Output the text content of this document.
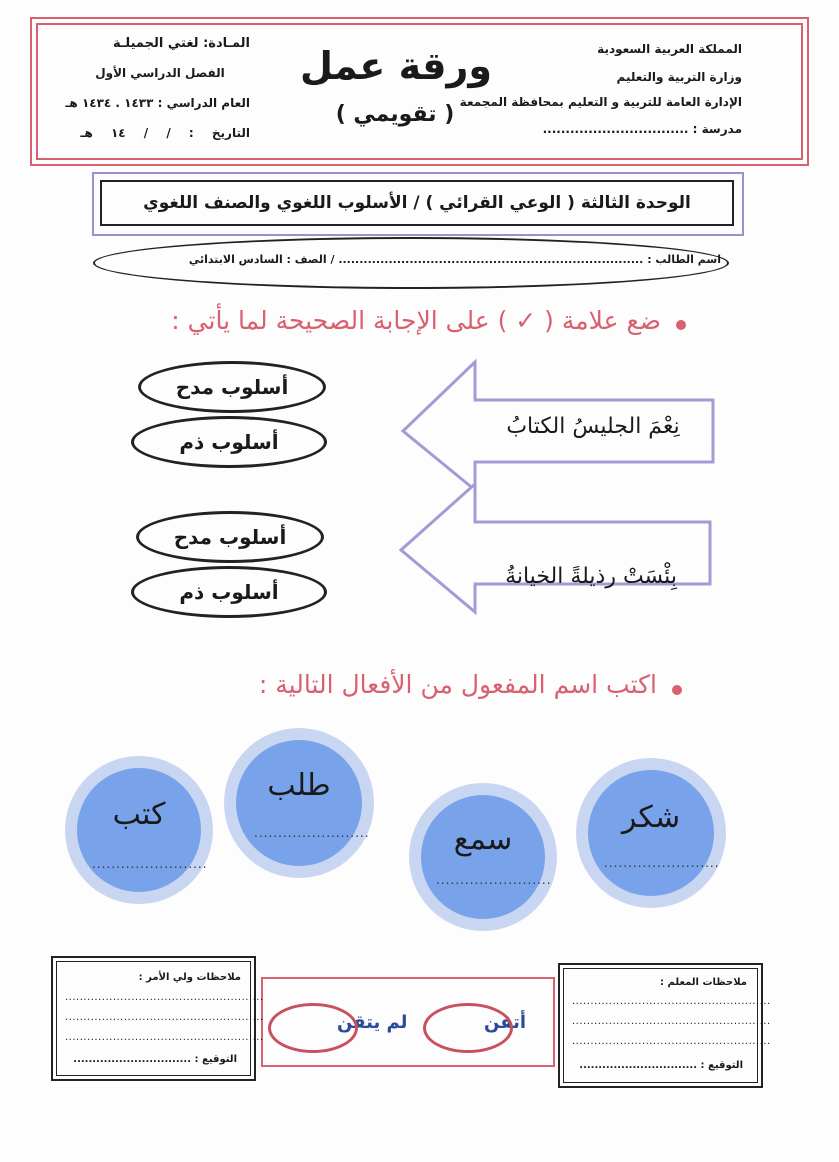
المملكة العربية السعودية
وزارة التربية والتعليم
الإدارة العامة للتربية و التعليم بمحافظة المجمعة
مدرسة : ................................
ورقة عمل
( تقويمي )
المـادة: لغتي الجميلـة
الفصل الدراسي الأول
العام الدراسي : ١٤٣٣ . ١٤٣٤ هـ
التاريخ : / / ١٤ هـ
الوحدة الثالثة ( الوعي القرائي ) / الأسلوب اللغوي والصنف اللغوي
اسم الطالب : ......................................................................... / الصف : السادس الابتدائي
ضع علامة ( ✓ ) على الإجابة الصحيحة لما يأتي :
نِعْمَ الجليسُ الكتابُ
بِئْسَتْ رذيلةً الخيانةُ
أسلوب مدح
أسلوب ذم
أسلوب مدح
أسلوب ذم
اكتب اسم المفعول من الأفعال التالية :
شكر
........................
سمع
........................
طلب
........................
كتب
........................
ملاحظات المعلم :
......................................................
......................................................
......................................................
التوقيع : ...............................
أتقن
لم يتقن
ملاحظات ولي الأمر :
......................................................
......................................................
......................................................
التوقيع : ...............................
